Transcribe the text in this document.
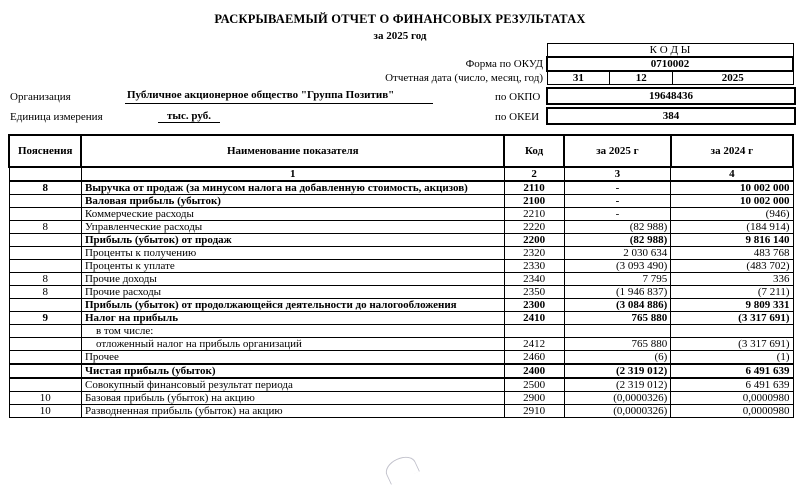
РАСКРЫВАЕМЫЙ ОТЧЕТ О ФИНАНСОВЫХ РЕЗУЛЬТАТАХ
за 2025 год
К О Д Ы
0710002
31	12	2025
Форма по ОКУД
Отчетная дата (число, месяц, год)
Организация	Публичное акционерное общество "Группа Позитив"	по ОКПО	19648436
Единица измерения	тыс. руб.	по ОКЕИ	384
Пояснения	Наименование показателя	Код	за 2025 г	за 2024 г
	1	2	3	4
8	Выручка от продаж (за минусом налога на добавленную стоимость, акцизов)	2110	-	10 002 000
	Валовая прибыль (убыток)	2100	-	10 002 000
	Коммерческие расходы	2210	-	(946)
8	Управленческие расходы	2220	(82 988)	(184 914)
	Прибыль (убыток) от продаж	2200	(82 988)	9 816 140
	Проценты к получению	2320	2 030 634	483 768
	Проценты к уплате	2330	(3 093 490)	(483 702)
8	Прочие доходы	2340	7 795	336
8	Прочие расходы	2350	(1 946 837)	(7 211)
	Прибыль (убыток) от продолжающейся деятельности до налогообложения	2300	(3 084 886)	9 809 331
9	Налог на прибыль	2410	765 880	(3 317 691)
	в том числе:			
	отложенный налог на прибыль организаций	2412	765 880	(3 317 691)
	Прочее	2460	(6)	(1)
	Чистая прибыль (убыток)	2400	(2 319 012)	6 491 639
	Совокупный финансовый результат периода	2500	(2 319 012)	6 491 639
10	Базовая прибыль (убыток) на акцию	2900	(0,0000326)	0,0000980
10	Разводненная прибыль (убыток) на акцию	2910	(0,0000326)	0,0000980
